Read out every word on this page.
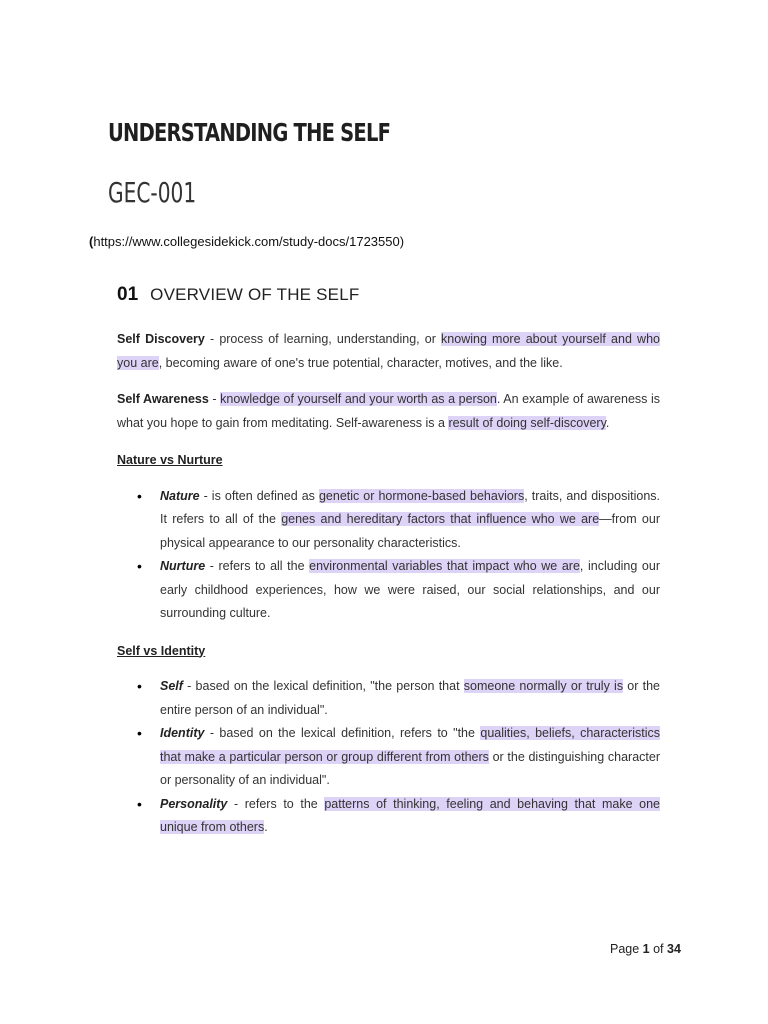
UNDERSTANDING THE SELF
GEC-001
(https://www.collegesidekick.com/study-docs/1723550)
01 OVERVIEW OF THE SELF

Self Discovery - process of learning, understanding, or knowing more about yourself and who you are, becoming aware of one's true potential, character, motives, and the like.

Self Awareness - knowledge of yourself and your worth as a person. An example of awareness is what you hope to gain from meditating. Self-awareness is a result of doing self-discovery.

Nature vs Nurture
• Nature - is often defined as genetic or hormone-based behaviors, traits, and dispositions. It refers to all of the genes and hereditary factors that influence who we are—from our physical appearance to our personality characteristics.
• Nurture - refers to all the environmental variables that impact who we are, including our early childhood experiences, how we were raised, our social relationships, and our surrounding culture.
Self vs Identity
• Self - based on the lexical definition, "the person that someone normally or truly is or the entire person of an individual".
• Identity - based on the lexical definition, refers to "the qualities, beliefs, characteristics that make a particular person or group different from others or the distinguishing character or personality of an individual".
• Personality - refers to the patterns of thinking, feeling and behaving that make one unique from others.
Page 1 of 34
